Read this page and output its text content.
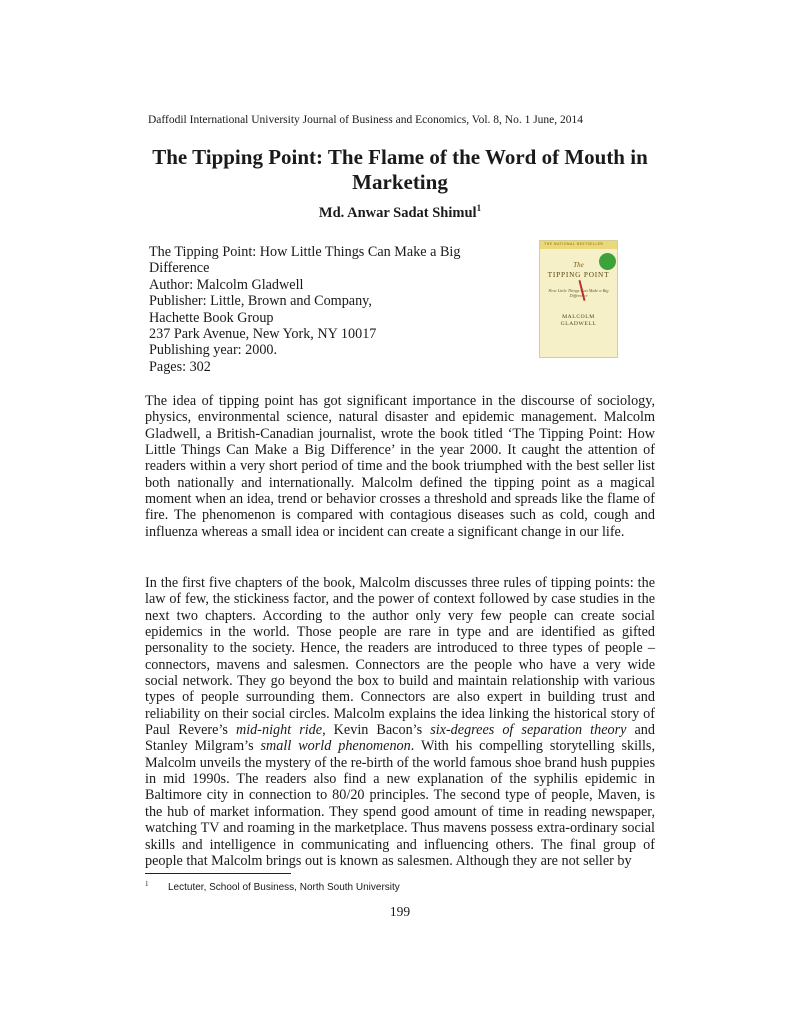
Daffodil International University Journal of Business and Economics, Vol. 8, No. 1 June, 2014
The Tipping Point: The Flame of the Word of Mouth in Marketing
Md. Anwar Sadat Shimul$^1$
The Tipping Point: How Little Things Can Make a Big
Difference
Author: Malcolm Gladwell
Publisher: Little, Brown and Company,
Hachette Book Group
237 Park Avenue, New York, NY 10017
Publishing year: 2000.
Pages: 302
THE NATIONAL BESTSELLER
The
TIPPING POINT
How Little Things Can Make a Big Difference
MALCOLM
GLADWELL

The idea of tipping point has got significant importance in the discourse of sociology, physics, environmental science, natural disaster and epidemic management. Malcolm Gladwell, a British-Canadian journalist, wrote the book titled ‘The Tipping Point: How Little Things Can Make a Big Difference’ in the year 2000. It caught the attention of readers within a very short period of time and the book triumphed with the best seller list both nationally and internationally. Malcolm defined the tipping point as a magical moment when an idea, trend or behavior crosses a threshold and spreads like the flame of fire. The phenomenon is compared with contagious diseases such as cold, cough and influenza whereas a small idea or incident can create a significant change in our life.

In the first five chapters of the book, Malcolm discusses three rules of tipping points: the law of few, the stickiness factor, and the power of context followed by case studies in the next two chapters. According to the author only very few people can create social epidemics in the world. Those people are rare in type and are identified as gifted personality to the society. Hence, the readers are introduced to three types of people – connectors, mavens and salesmen. Connectors are the people who have a very wide social network. They go beyond the box to build and maintain relationship with various types of people surrounding them. Connectors are also expert in building trust and reliability on their social circles. Malcolm explains the idea linking the historical story of Paul Revere’s mid-night ride, Kevin Bacon’s six-degrees of separation theory and Stanley Milgram’s small world phenomenon. With his compelling storytelling skills, Malcolm unveils the mystery of the re-birth of the world famous shoe brand hush puppies in mid 1990s. The readers also find a new explanation of the syphilis epidemic in Baltimore city in connection to 80/20 principles. The second type of people, Maven, is the hub of market information. They spend good amount of time in reading newspaper, watching TV and roaming in the marketplace. Thus mavens possess extra-ordinary social skills and intelligence in communicating and influencing others. The final group of people that Malcolm brings out is known as salesmen. Although they are not seller by

1 Lectuter, School of Business, North South University
199
